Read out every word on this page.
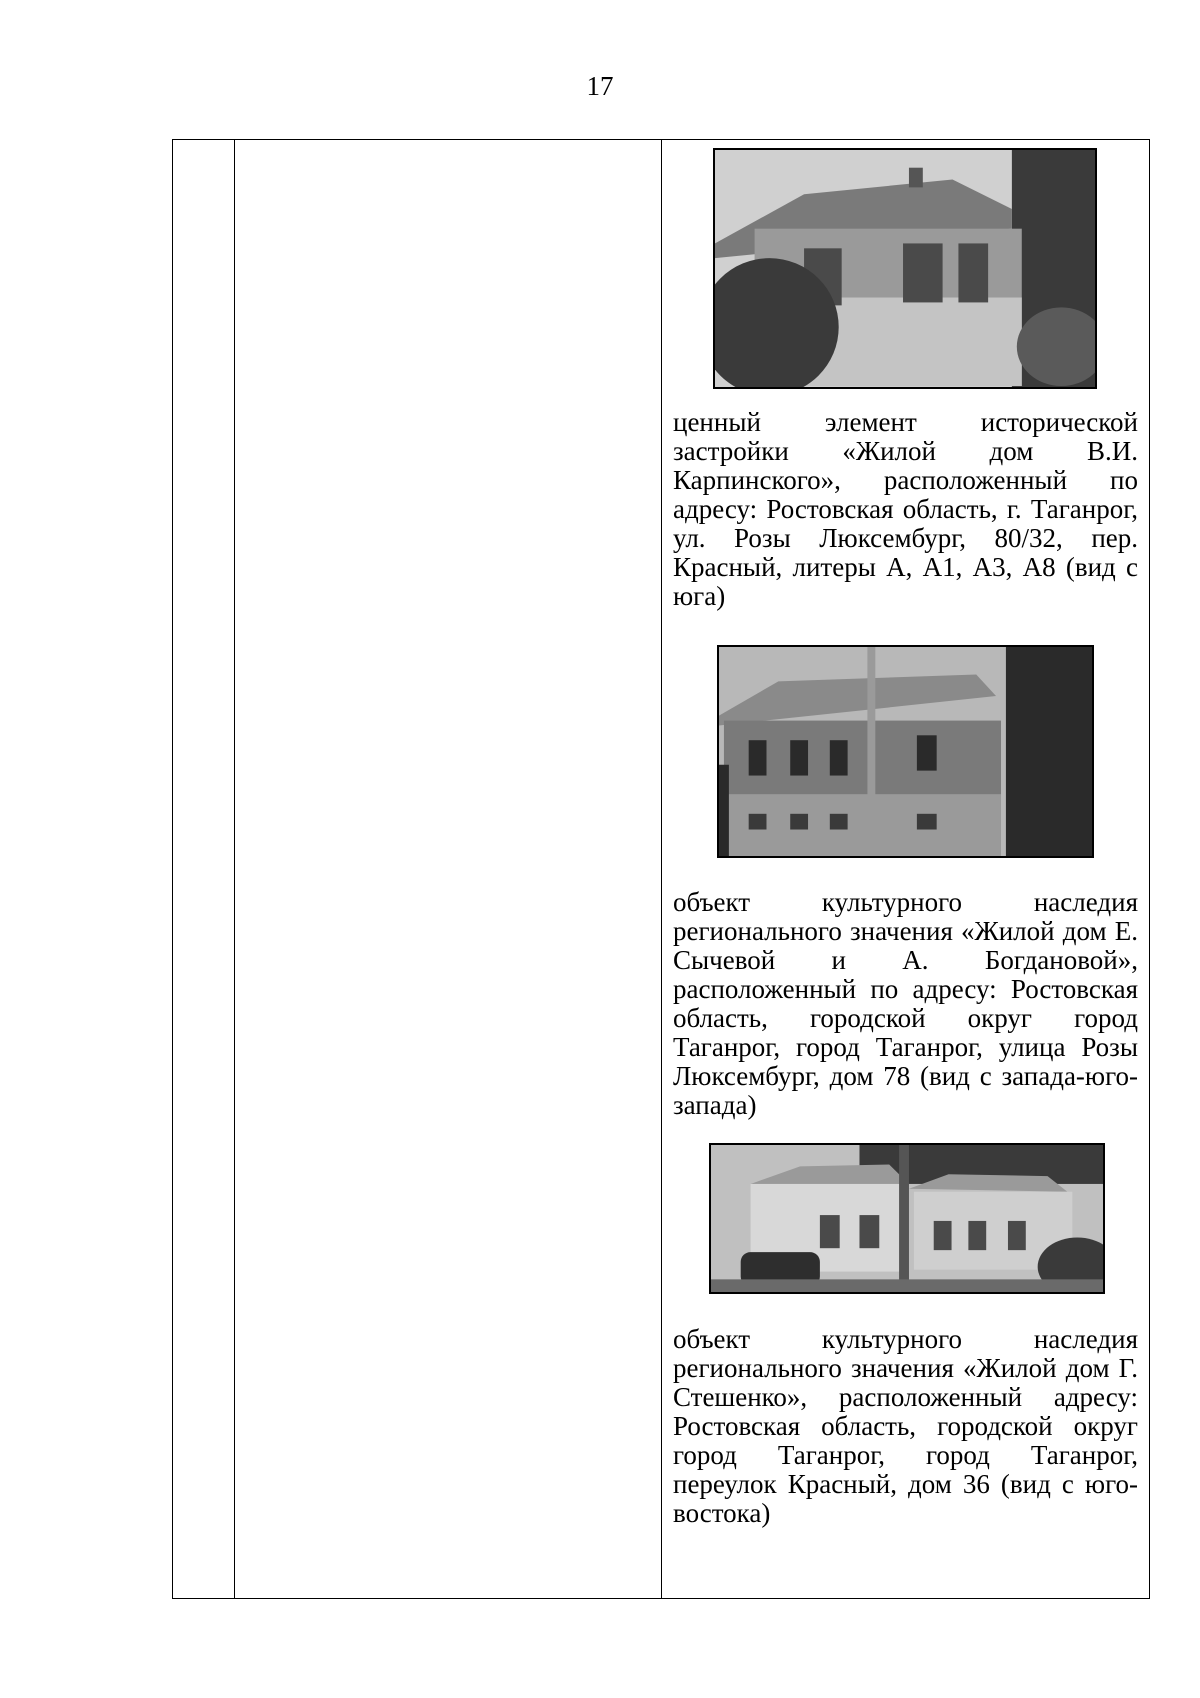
17

ценный элемент исторической застройки «Жилой дом В.И. Карпинского», расположенный по адресу: Ростовская область, г. Таганрог, ул. Розы Люксембург, 80/32, пер. Красный, литеры А, А1, А3, А8 (вид с юга)

объект культурного наследия регионального значения «Жилой дом Е. Сычевой и А. Богдановой», расположенный по адресу: Ростовская область, городской округ город Таганрог, город Таганрог, улица Розы Люксембург, дом 78 (вид с запада-юго-запада)

объект культурного наследия регионального значения «Жилой дом Г. Стешенко», расположенный адресу: Ростовская область, городской округ город Таганрог, город Таганрог, переулок Красный, дом 36 (вид с юго-востока)
